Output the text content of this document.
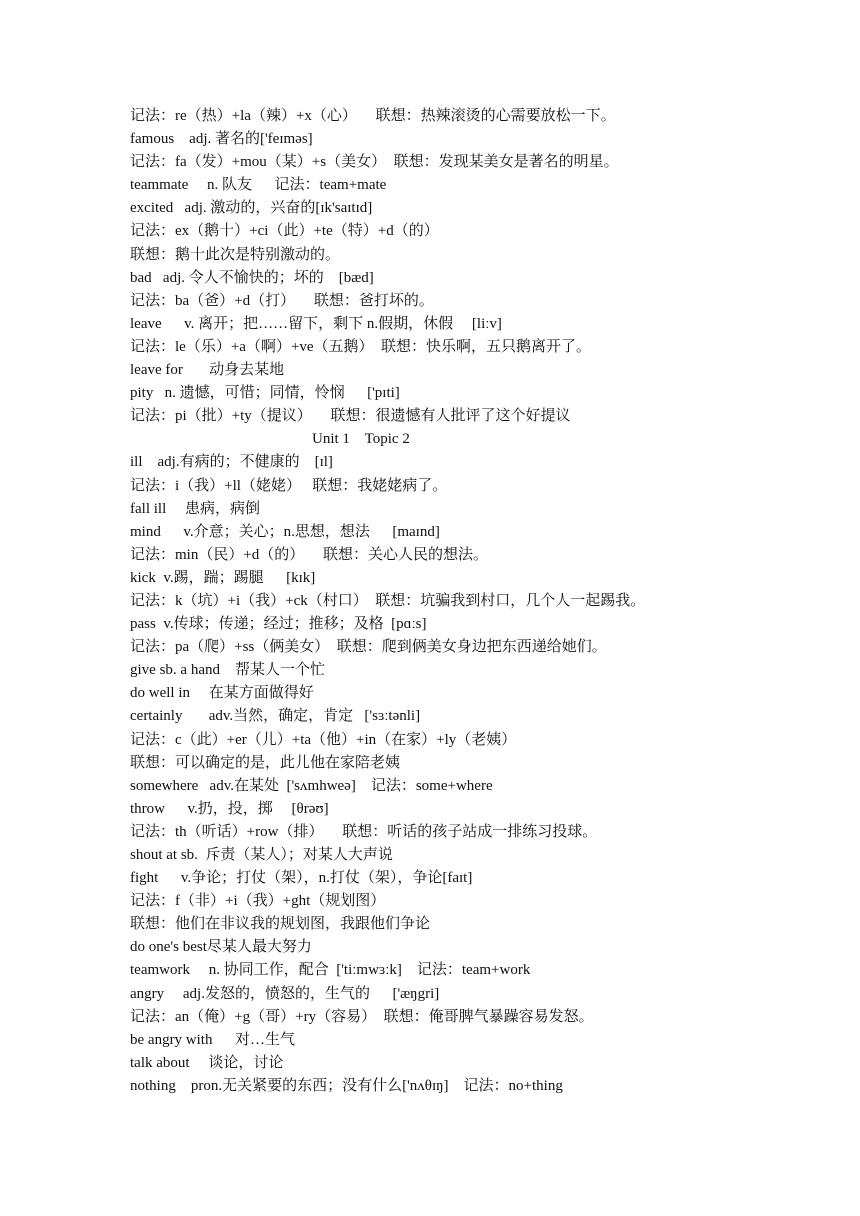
记法：re（热）+la（辣）+x（心）     联想：热辣滚烫的心需要放松一下。
famous    adj. 著名的['feɪməs]
记法：fa（发）+mou（某）+s（美女）  联想：发现某美女是著名的明星。
teammate     n. 队友      记法：team+mate
excited   adj. 激动的，兴奋的[ɪk'saɪtɪd]
记法：ex（鹅十）+ci（此）+te（特）+d（的）
联想：鹅十此次是特别激动的。
bad   adj. 令人不愉快的；坏的    [bæd]
记法：ba（爸）+d（打）     联想：爸打坏的。
leave      v. 离开；把……留下，剩下 n.假期，休假     [liːv]
记法：le（乐）+a（啊）+ve（五鹅）  联想：快乐啊，五只鹅离开了。
leave for       动身去某地
pity   n. 遗憾，可惜；同情，怜悯      ['pɪti]
记法：pi（批）+ty（提议）     联想：很遗憾有人批评了这个好提议
Unit 1    Topic 2
ill    adj.有病的；不健康的    [ɪl]
记法：i（我）+ll（姥姥）   联想：我姥姥病了。
fall ill     患病，病倒
mind      v.介意；关心；n.思想，想法      [maɪnd]
记法：min（民）+d（的）     联想：关心人民的想法。
kick  v.踢，踹；踢腿      [kɪk]
记法：k（坑）+i（我）+ck（村口）  联想：坑骗我到村口，几个人一起踢我。
pass  v.传球；传递；经过；推移；及格  [pɑːs]
记法：pa（爬）+ss（俩美女）  联想：爬到俩美女身边把东西递给她们。
give sb. a hand    帮某人一个忙
do well in     在某方面做得好
certainly       adv.当然，确定，肯定   ['sɜːtənli]
记法：c（此）+er（儿）+ta（他）+in（在家）+ly（老姨）
联想：可以确定的是，此儿他在家陪老姨
somewhere   adv.在某处  ['sʌmhweə]    记法：some+where
throw      v.扔，投，掷     [θrəʊ]
记法：th（听话）+row（排）     联想：听话的孩子站成一排练习投球。
shout at sb.  斥责（某人）；对某人大声说
fight      v.争论；打仗（架），n.打仗（架），争论[faɪt]
记法：f（非）+i（我）+ght（规划图）
联想：他们在非议我的规划图，我跟他们争论
do one's best尽某人最大努力
teamwork     n. 协同工作，配合  ['tiːmwɜːk]    记法：team+work
angry     adj.发怒的，愤怒的，生气的      ['æŋgri]
记法：an（俺）+g（哥）+ry（容易）  联想：俺哥脾气暴躁容易发怒。
be angry with      对…生气
talk about     谈论，讨论
nothing    pron.无关紧要的东西；没有什么['nʌθɪŋ]    记法：no+thing
